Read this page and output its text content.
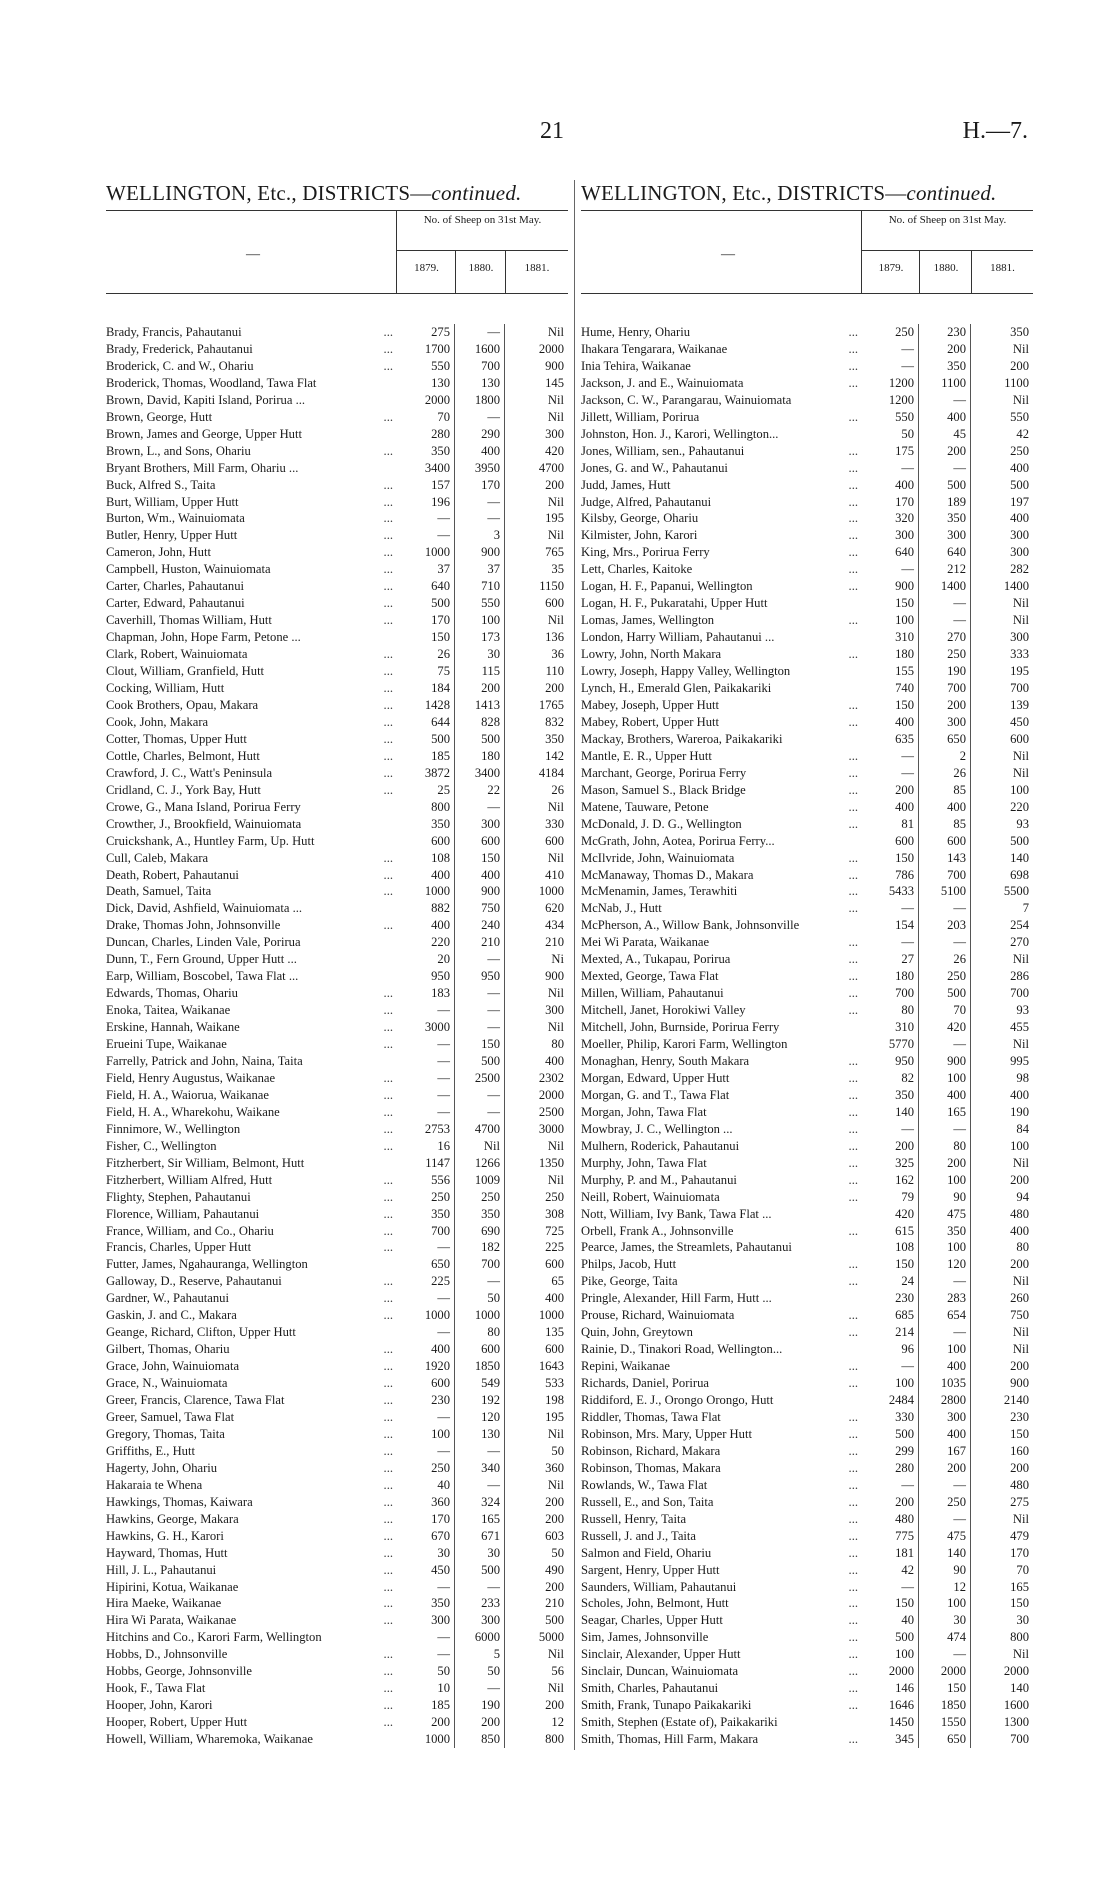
21	H.—7.
WELLINGTON, Etc., DISTRICTS—continued.
—
No. of Sheep on 31st May.
1879.	1880.	1881.
Brady, Francis, Pahautanui ...	275	—	Nil
Brady, Frederick, Pahautanui ...	1700	1600	2000
Broderick, C. and W., Ohariu ...	550	700	900
Broderick, Thomas, Woodland, Tawa Flat	130	130	145
Brown, David, Kapiti Island, Porirua ...	2000	1800	Nil
Brown, George, Hutt ...	70	—	Nil
Brown, James and George, Upper Hutt	280	290	300
Brown, L., and Sons, Ohariu ...	350	400	420
Bryant Brothers, Mill Farm, Ohariu ...	3400	3950	4700
Buck, Alfred S., Taita ...	157	170	200
Burt, William, Upper Hutt ...	196	—	Nil
Burton, Wm., Wainuiomata ...	—	—	195
Butler, Henry, Upper Hutt ...	—	3	Nil
Cameron, John, Hutt ...	1000	900	765
Campbell, Huston, Wainuiomata ...	37	37	35
Carter, Charles, Pahautanui ...	640	710	1150
Carter, Edward, Pahautanui ...	500	550	600
Caverhill, Thomas William, Hutt ...	170	100	Nil
Chapman, John, Hope Farm, Petone ...	150	173	136
Clark, Robert, Wainuiomata ...	26	30	36
Clout, William, Granfield, Hutt ...	75	115	110
Cocking, William, Hutt ...	184	200	200
Cook Brothers, Opau, Makara ...	1428	1413	1765
Cook, John, Makara ...	644	828	832
Cotter, Thomas, Upper Hutt ...	500	500	350
Cottle, Charles, Belmont, Hutt ...	185	180	142
Crawford, J. C., Watt's Peninsula ...	3872	3400	4184
Cridland, C. J., York Bay, Hutt ...	25	22	26
Crowe, G., Mana Island, Porirua Ferry	800	—	Nil
Crowther, J., Brookfield, Wainuiomata	350	300	330
Cruickshank, A., Huntley Farm, Up. Hutt	600	600	600
Cull, Caleb, Makara ...	108	150	Nil
Death, Robert, Pahautanui ...	400	400	410
Death, Samuel, Taita ...	1000	900	1000
Dick, David, Ashfield, Wainuiomata ...	882	750	620
Drake, Thomas John, Johnsonville ...	400	240	434
Duncan, Charles, Linden Vale, Porirua	220	210	210
Dunn, T., Fern Ground, Upper Hutt ...	20	—	Ni
Earp, William, Boscobel, Tawa Flat ...	950	950	900
Edwards, Thomas, Ohariu ...	183	—	Nil
Enoka, Taitea, Waikanae ...	—	—	300
Erskine, Hannah, Waikane ...	3000	—	Nil
Erueini Tupe, Waikanae ...	—	150	80
Farrelly, Patrick and John, Naina, Taita	—	500	400
Field, Henry Augustus, Waikanae ...	—	2500	2302
Field, H. A., Waiorua, Waikanae ...	—	—	2000
Field, H. A., Wharekohu, Waikane ...	—	—	2500
Finnimore, W., Wellington ...	2753	4700	3000
Fisher, C., Wellington ...	16	Nil	Nil
Fitzherbert, Sir William, Belmont, Hutt	1147	1266	1350
Fitzherbert, William Alfred, Hutt ...	556	1009	Nil
Flighty, Stephen, Pahautanui ...	250	250	250
Florence, William, Pahautanui ...	350	350	308
France, William, and Co., Ohariu ...	700	690	725
Francis, Charles, Upper Hutt ...	—	182	225
Futter, James, Ngahauranga, Wellington	650	700	600
Galloway, D., Reserve, Pahautanui ...	225	—	65
Gardner, W., Pahautanui ...	—	50	400
Gaskin, J. and C., Makara ...	1000	1000	1000
Geange, Richard, Clifton, Upper Hutt	—	80	135
Gilbert, Thomas, Ohariu ...	400	600	600
Grace, John, Wainuiomata ...	1920	1850	1643
Grace, N., Wainuiomata ...	600	549	533
Greer, Francis, Clarence, Tawa Flat ...	230	192	198
Greer, Samuel, Tawa Flat ...	—	120	195
Gregory, Thomas, Taita ...	100	130	Nil
Griffiths, E., Hutt ...	—	—	50
Hagerty, John, Ohariu ...	250	340	360
Hakaraia te Whena ...	40	—	Nil
Hawkings, Thomas, Kaiwara ...	360	324	200
Hawkins, George, Makara ...	170	165	200
Hawkins, G. H., Karori ...	670	671	603
Hayward, Thomas, Hutt ...	30	30	50
Hill, J. L., Pahautanui ...	450	500	490
Hipirini, Kotua, Waikanae ...	—	—	200
Hira Maeke, Waikanae ...	350	233	210
Hira Wi Parata, Waikanae ...	300	300	500
Hitchins and Co., Karori Farm, Wellington	—	6000	5000
Hobbs, D., Johnsonville ...	—	5	Nil
Hobbs, George, Johnsonville ...	50	50	56
Hook, F., Tawa Flat ...	10	—	Nil
Hooper, John, Karori ...	185	190	200
Hooper, Robert, Upper Hutt ...	200	200	12
Howell, William, Wharemoka, Waikanae	1000	850	800
WELLINGTON, Etc., DISTRICTS—continued.
—
No. of Sheep on 31st May.
1879.	1880.	1881.
Hume, Henry, Ohariu ...	250	230	350
Ihakara Tengarara, Waikanae ...	—	200	Nil
Inia Tehira, Waikanae ...	—	350	200
Jackson, J. and E., Wainuiomata ...	1200	1100	1100
Jackson, C. W., Parangarau, Wainuiomata	1200	—	Nil
Jillett, William, Porirua ...	550	400	550
Johnston, Hon. J., Karori, Wellington...	50	45	42
Jones, William, sen., Pahautanui ...	175	200	250
Jones, G. and W., Pahautanui ...	—	—	400
Judd, James, Hutt ...	400	500	500
Judge, Alfred, Pahautanui ...	170	189	197
Kilsby, George, Ohariu ...	320	350	400
Kilmister, John, Karori ...	300	300	300
King, Mrs., Porirua Ferry ...	640	640	300
Lett, Charles, Kaitoke ...	—	212	282
Logan, H. F., Papanui, Wellington ...	900	1400	1400
Logan, H. F., Pukaratahi, Upper Hutt	150	—	Nil
Lomas, James, Wellington ...	100	—	Nil
London, Harry William, Pahautanui ...	310	270	300
Lowry, John, North Makara ...	180	250	333
Lowry, Joseph, Happy Valley, Wellington	155	190	195
Lynch, H., Emerald Glen, Paikakariki	740	700	700
Mabey, Joseph, Upper Hutt ...	150	200	139
Mabey, Robert, Upper Hutt ...	400	300	450
Mackay, Brothers, Wareroa, Paikakariki	635	650	600
Mantle, E. R., Upper Hutt ...	—	2	Nil
Marchant, George, Porirua Ferry ...	—	26	Nil
Mason, Samuel S., Black Bridge ...	200	85	100
Matene, Tauware, Petone ...	400	400	220
McDonald, J. D. G., Wellington ...	81	85	93
McGrath, John, Aotea, Porirua Ferry...	600	600	500
McIlvride, John, Wainuiomata ...	150	143	140
McManaway, Thomas D., Makara ...	786	700	698
McMenamin, James, Terawhiti ...	5433	5100	5500
McNab, J., Hutt ...	—	—	7
McPherson, A., Willow Bank, Johnsonville	154	203	254
Mei Wi Parata, Waikanae ...	—	—	270
Mexted, A., Tukapau, Porirua ...	27	26	Nil
Mexted, George, Tawa Flat ...	180	250	286
Millen, William, Pahautanui ...	700	500	700
Mitchell, Janet, Horokiwi Valley ...	80	70	93
Mitchell, John, Burnside, Porirua Ferry	310	420	455
Moeller, Philip, Karori Farm, Wellington	5770	—	Nil
Monaghan, Henry, South Makara ...	950	900	995
Morgan, Edward, Upper Hutt ...	82	100	98
Morgan, G. and T., Tawa Flat ...	350	400	400
Morgan, John, Tawa Flat ...	140	165	190
Mowbray, J. C., Wellington ... ...	—	—	84
Mulhern, Roderick, Pahautanui ...	200	80	100
Murphy, John, Tawa Flat ...	325	200	Nil
Murphy, P. and M., Pahautanui ...	162	100	200
Neill, Robert, Wainuiomata ...	79	90	94
Nott, William, Ivy Bank, Tawa Flat ...	420	475	480
Orbell, Frank A., Johnsonville ...	615	350	400
Pearce, James, the Streamlets, Pahautanui	108	100	80
Philps, Jacob, Hutt ...	150	120	200
Pike, George, Taita ...	24	—	Nil
Pringle, Alexander, Hill Farm, Hutt ...	230	283	260
Prouse, Richard, Wainuiomata ...	685	654	750
Quin, John, Greytown ...	214	—	Nil
Rainie, D., Tinakori Road, Wellington...	96	100	Nil
Repini, Waikanae ...	—	400	200
Richards, Daniel, Porirua ...	100	1035	900
Riddiford, E. J., Orongo Orongo, Hutt	2484	2800	2140
Riddler, Thomas, Tawa Flat ...	330	300	230
Robinson, Mrs. Mary, Upper Hutt ...	500	400	150
Robinson, Richard, Makara ...	299	167	160
Robinson, Thomas, Makara ...	280	200	200
Rowlands, W., Tawa Flat ...	—	—	480
Russell, E., and Son, Taita ...	200	250	275
Russell, Henry, Taita ...	480	—	Nil
Russell, J. and J., Taita ...	775	475	479
Salmon and Field, Ohariu ...	181	140	170
Sargent, Henry, Upper Hutt ...	42	90	70
Saunders, William, Pahautanui ...	—	12	165
Scholes, John, Belmont, Hutt ...	150	100	150
Seagar, Charles, Upper Hutt ...	40	30	30
Sim, James, Johnsonville ...	500	474	800
Sinclair, Alexander, Upper Hutt ...	100	—	Nil
Sinclair, Duncan, Wainuiomata ...	2000	2000	2000
Smith, Charles, Pahautanui ...	146	150	140
Smith, Frank, Tunapo Paikakariki ...	1646	1850	1600
Smith, Stephen (Estate of), Paikakariki	1450	1550	1300
Smith, Thomas, Hill Farm, Makara ...	345	650	700
